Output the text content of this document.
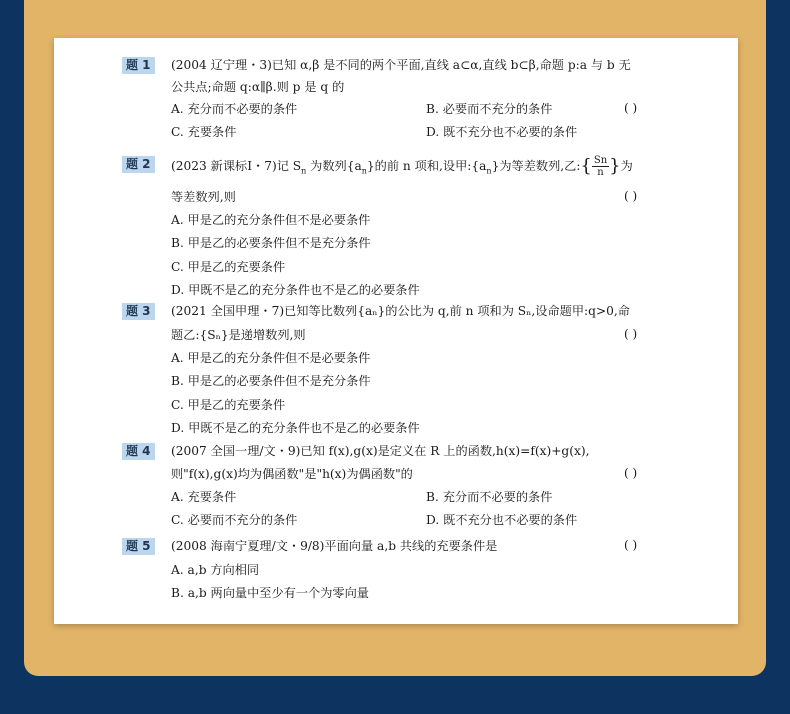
题 1	(2004 辽宁理・3)已知 α,β 是不同的两个平面,直线 a⊂α,直线 b⊂β,命题 p:a 与 b 无
公共点;命题 q:α∥β.则 p 是 q 的
( )
A. 充分而不必要的条件	B. 必要而不充分的条件
C. 充要条件	D. 既不充分也不必要的条件
题 2	(2023 新课标Ⅰ・7)记 $S_n$ 为数列$\{a_n\}$的前 n 项和,设甲$:\{a_n\}$为等差数列,乙:{ $\frac{Sn}{n}$ }为
等差数列,则	( )
A. 甲是乙的充分条件但不是必要条件
B. 甲是乙的必要条件但不是充分条件
C. 甲是乙的充要条件
D. 甲既不是乙的充分条件也不是乙的必要条件
题 3	(2021 全国甲理・7)已知等比数列{aₙ}的公比为 q,前 n 项和为 Sₙ,设命题甲:q>0,命
题乙:{Sₙ}是递增数列,则	( )
A. 甲是乙的充分条件但不是必要条件
B. 甲是乙的必要条件但不是充分条件
C. 甲是乙的充要条件
D. 甲既不是乙的充分条件也不是乙的必要条件
题 4	(2007 全国一理/文・9)已知 f(x),g(x)是定义在 R 上的函数,h(x)=f(x)+g(x),
则"f(x),g(x)均为偶函数"是"h(x)为偶函数"的	( )
A. 充要条件	B. 充分而不必要的条件
C. 必要而不充分的条件	D. 既不充分也不必要的条件
题 5	(2008 海南宁夏理/文・9/8)平面向量 a,b 共线的充要条件是	( )
A. a,b 方向相同
B. a,b 两向量中至少有一个为零向量
